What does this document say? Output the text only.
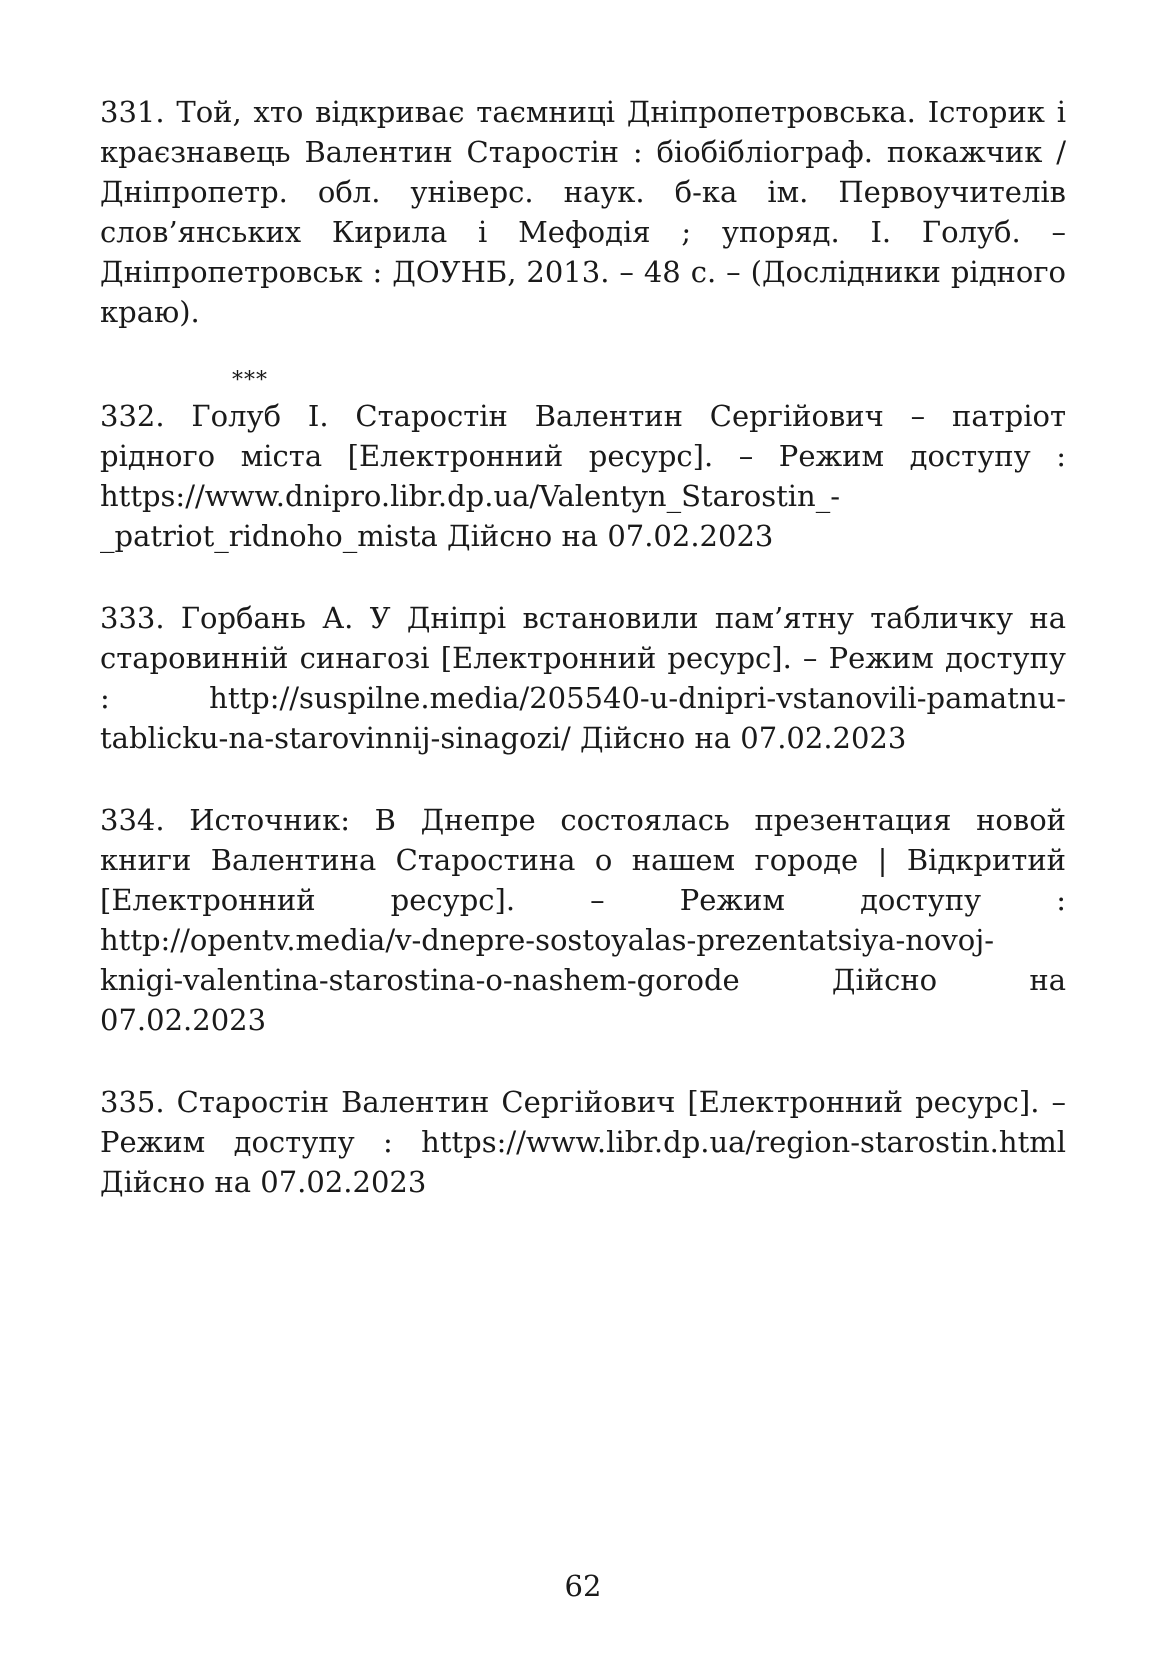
331. Той, хто відкриває таємниці Дніпропетровська. Історик і краєзнавець Валентин Старостін : біобібліограф. покажчик / Дніпропетр. обл. універс. наук. б-ка ім. Первоучителів слов’янських Кирила і Мефодія ; упоряд. І. Голуб. – Дніпропетровськ : ДОУНБ, 2013. – 48 с. – (Дослідники рідного краю).

***

332. Голуб І. Старостін Валентин Сергійович – патріот рідного міста [Електронний ресурс]. – Режим доступу : https://www.dnipro.libr.dp.ua/Valentyn_Starostin_-_patriot_ridnoho_mista Дійсно на 07.02.2023

333. Горбань А. У Дніпрі встановили пам’ятну табличку на старовинній синагозі [Електронний ресурс]. – Режим доступу : http://suspilne.media/205540-u-dnipri-vstanovili-pamatnu-tablicku-na-starovinnij-sinagozi/ Дійсно на 07.02.2023

334. Источник: В Днепре состоялась презентация новой книги Валентина Старостина о нашем городе | Відкритий [Електронний ресурс]. – Режим доступу : http://opentv.media/v-dnepre-sostoyalas-prezentatsiya-novoj-knigi-valentina-starostina-o-nashem-gorode Дійсно на 07.02.2023

335. Старостін Валентин Сергійович [Електронний ресурс]. – Режим доступу : https://www.libr.dp.ua/region-starostin.html Дійсно на 07.02.2023

62
